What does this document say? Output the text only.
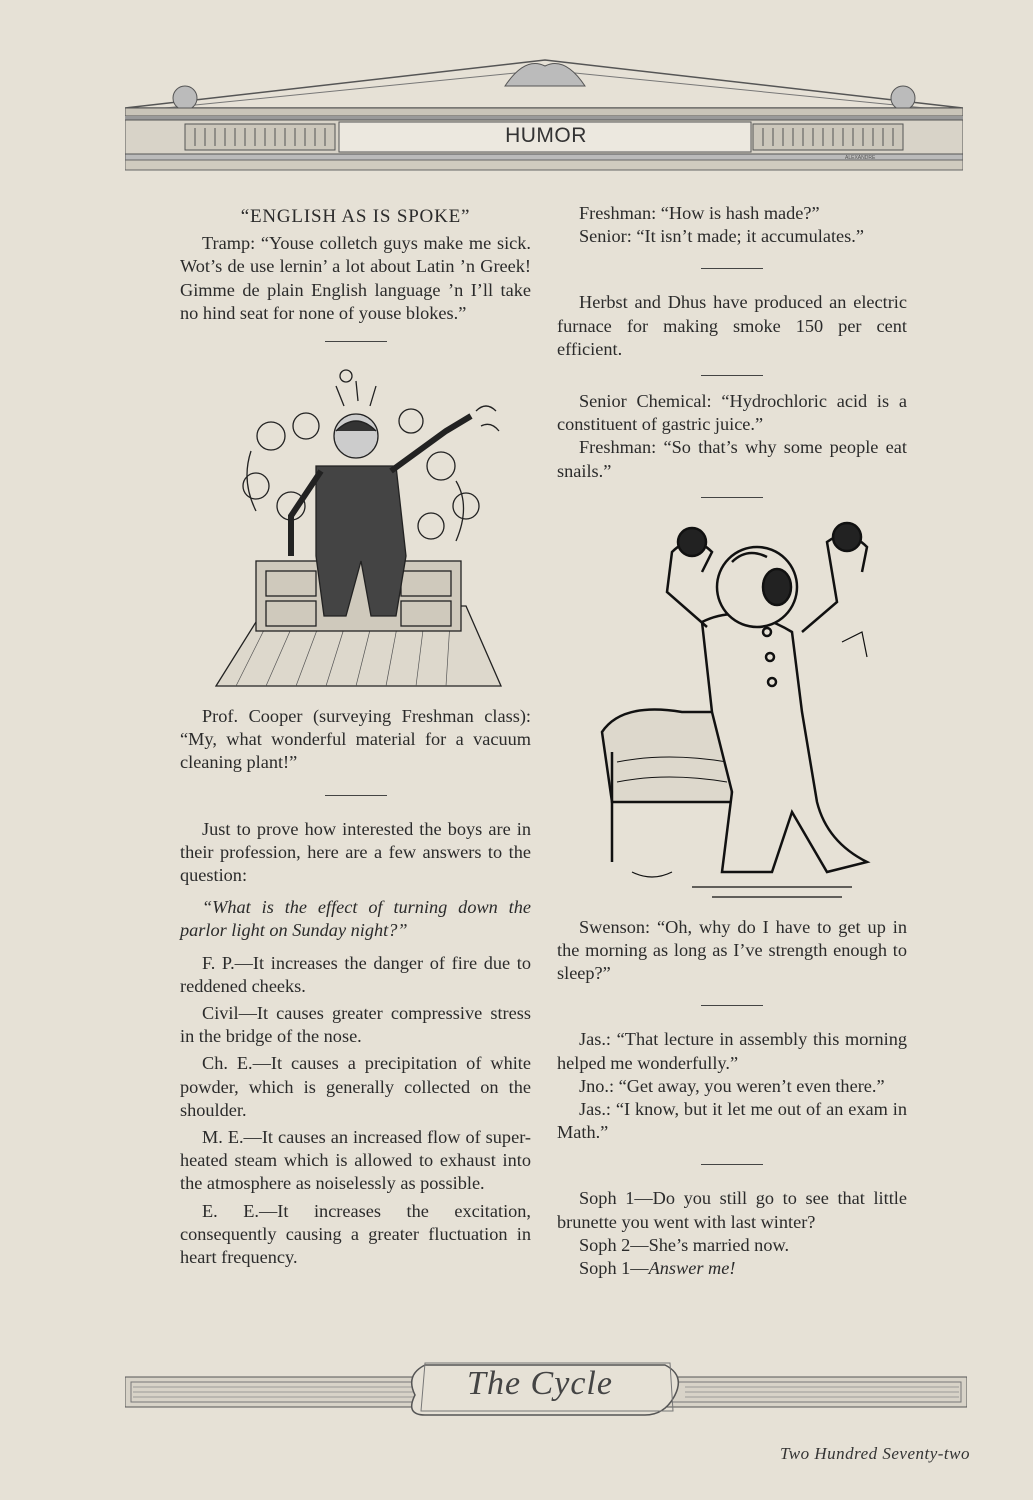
ALEXANDRE
HUMOR
“ENGLISH AS IS SPOKE”

Tramp: “Youse colletch guys make me sick. Wot’s de use lernin’ a lot about Latin ’n Greek! Gimme de plain English language ’n I’ll take no hind seat for none of youse blokes.”

Prof. Cooper (surveying Freshman class): “My, what wonderful material for a vacuum cleaning plant!”

Just to prove how interested the boys are in their profession, here are a few answers to the question:

“What is the effect of turning down the parlor light on Sunday night?”

F. P.—It increases the danger of fire due to reddened cheeks.

Civil—It causes greater compressive stress in the bridge of the nose.

Ch. E.—It causes a precipitation of white powder, which is generally collected on the shoulder.

M. E.—It causes an increased flow of super-heated steam which is allowed to exhaust into the atmosphere as noiselessly as possible.

E. E.—It increases the excitation, consequently causing a greater fluctuation in heart frequency.

Freshman: “How is hash made?”

Senior: “It isn’t made; it accumulates.”

Herbst and Dhus have produced an electric furnace for making smoke 150 per cent efficient.

Senior Chemical: “Hydrochloric acid is a constituent of gastric juice.”

Freshman: “So that’s why some people eat snails.”

Swenson: “Oh, why do I have to get up in the morning as long as I’ve strength enough to sleep?”

Jas.: “That lecture in assembly this morning helped me wonderfully.”

Jno.: “Get away, you weren’t even there.”

Jas.: “I know, but it let me out of an exam in Math.”

Soph 1—Do you still go to see that little brunette you went with last winter?

Soph 2—She’s married now.

Soph 1—Answer me!

The Cycle
Two Hundred Seventy-two
